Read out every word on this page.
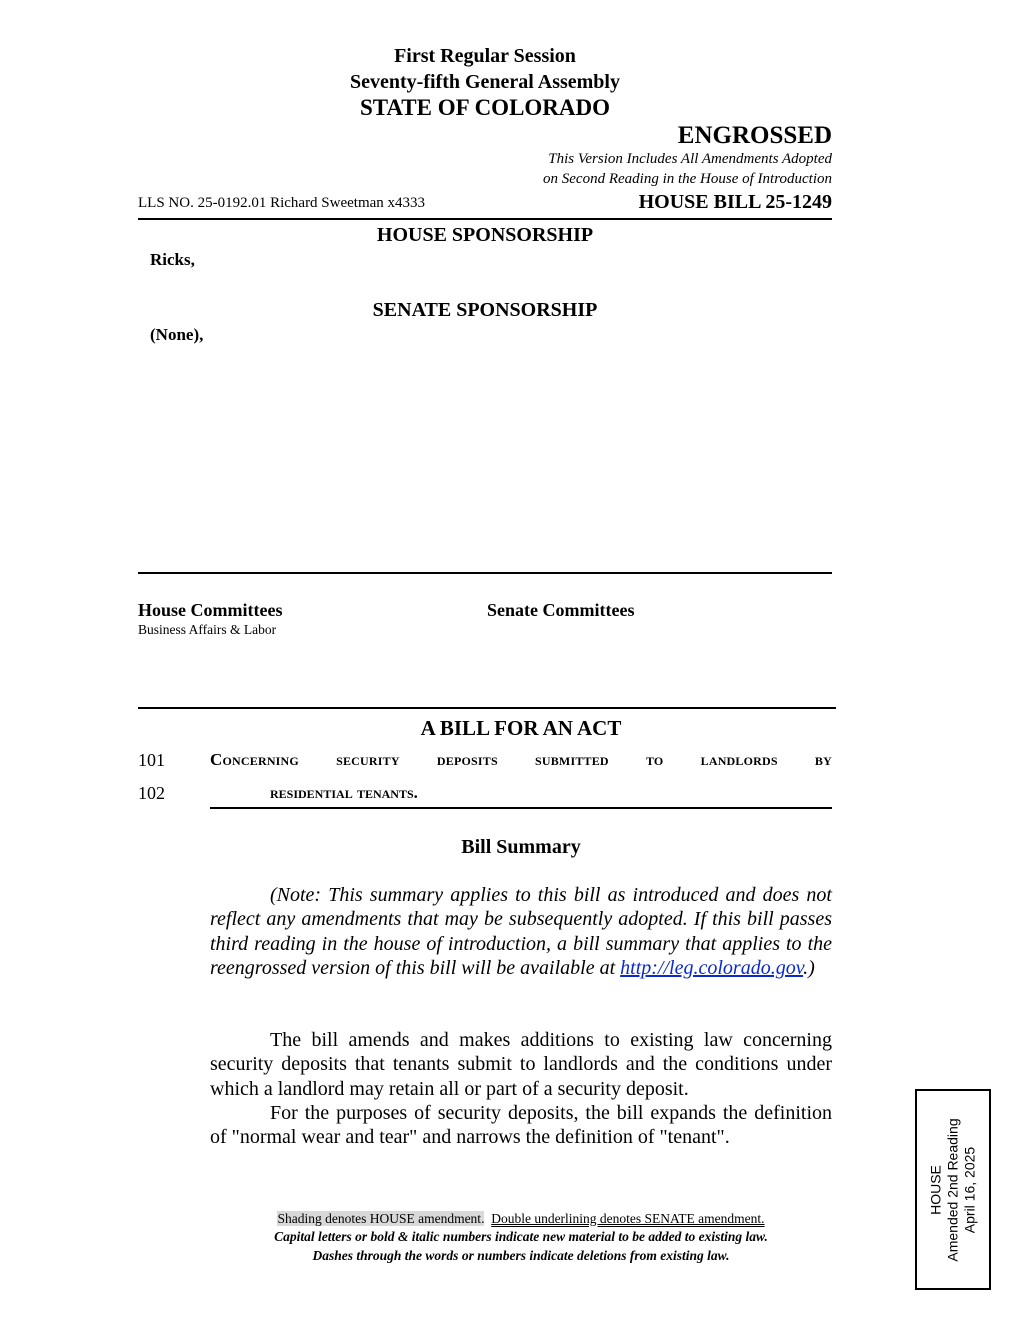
First Regular Session
Seventy-fifth General Assembly
STATE OF COLORADO
ENGROSSED
This Version Includes All Amendments Adopted
on Second Reading in the House of Introduction
LLS NO. 25-0192.01 Richard Sweetman x4333	HOUSE BILL 25-1249
HOUSE SPONSORSHIP
Ricks,
SENATE SPONSORSHIP
(None),
House Committees
Business Affairs & Labor
Senate Committees
A BILL FOR AN ACT
101	Concerning security deposits submitted to landlords by
102	residential tenants.
Bill Summary

(Note: This summary applies to this bill as introduced and does not reflect any amendments that may be subsequently adopted. If this bill passes third reading in the house of introduction, a bill summary that applies to the reengrossed version of this bill will be available at http://leg.colorado.gov.)

The bill amends and makes additions to existing law concerning security deposits that tenants submit to landlords and the conditions under which a landlord may retain all or part of a security deposit.

For the purposes of security deposits, the bill expands the definition of "normal wear and tear" and narrows the definition of "tenant".

Shading denotes HOUSE amendment. Double underlining denotes SENATE amendment.
Capital letters or bold & italic numbers indicate new material to be added to existing law.
Dashes through the words or numbers indicate deletions from existing law.
HOUSE Amended 2nd Reading April 16, 2025
